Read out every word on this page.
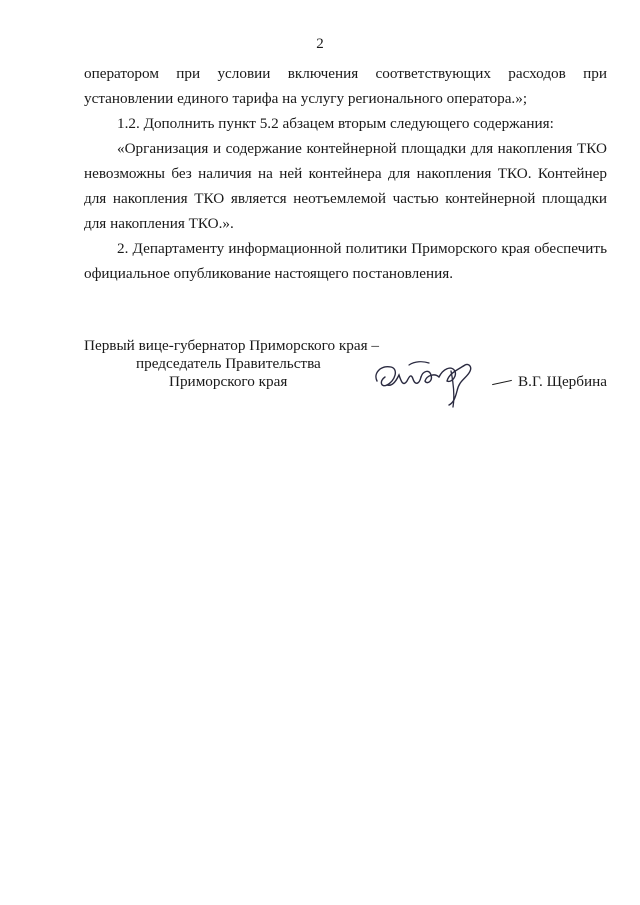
2

оператором при условии включения соответствующих расходов при установлении единого тарифа на услугу регионального оператора.»;

1.2. Дополнить пункт 5.2 абзацем вторым следующего содержания:

«Организация и содержание контейнерной площадки для накопления ТКО невозможны без наличия на ней контейнера для накопления ТКО. Контейнер для накопления ТКО является неотъемлемой частью контейнерной площадки для накопления ТКО.».

2. Департаменту информационной политики Приморского края обеспечить официальное опубликование настоящего постановления.

Первый вице-губернатор Приморского края –
председатель Правительства
Приморского края	В.Г. Щербина
